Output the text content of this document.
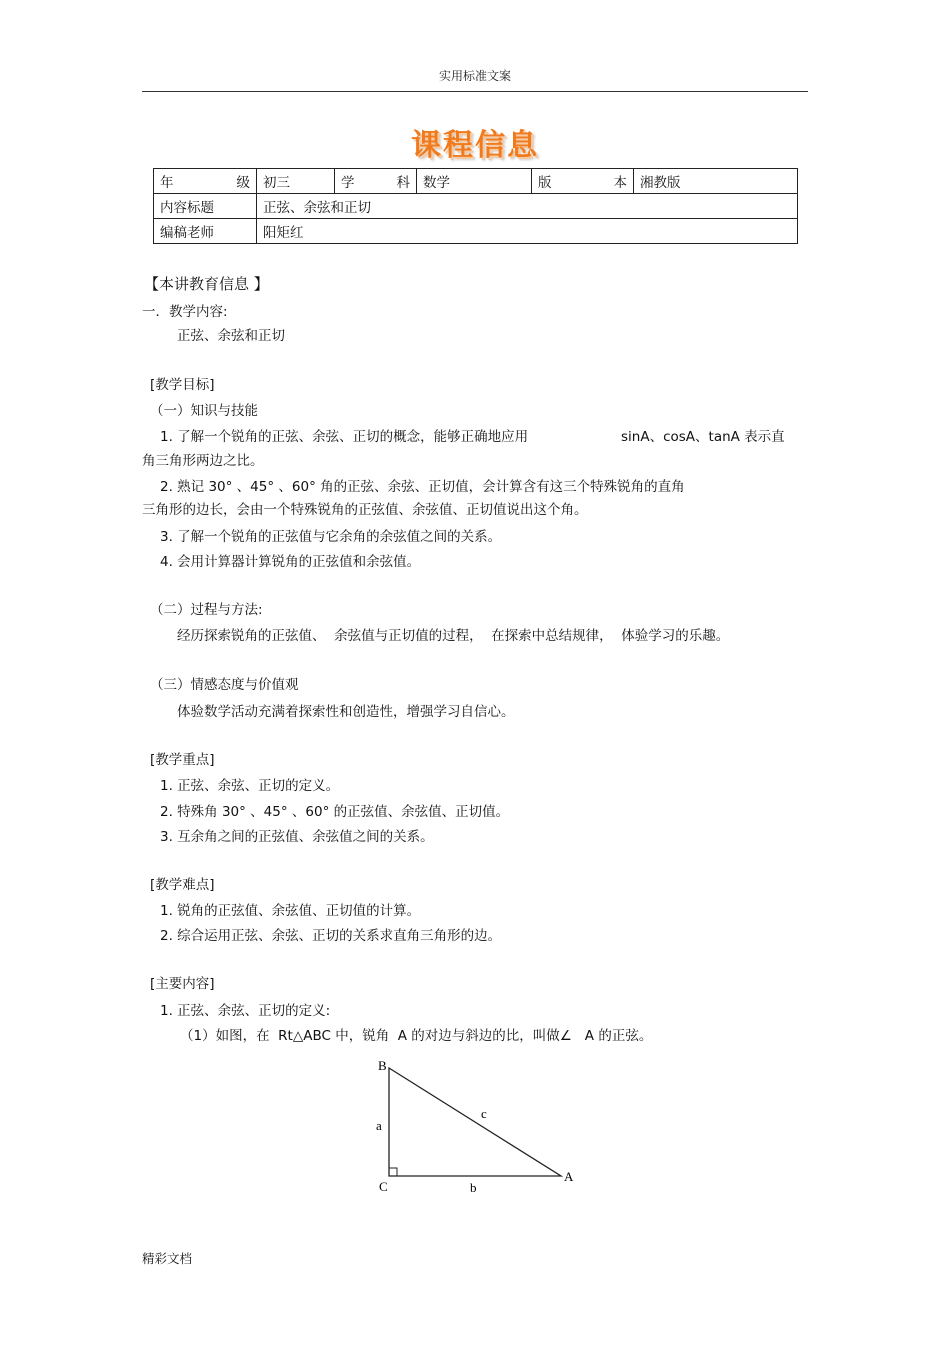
实用标准文案
课程信息
年　　级	初三	学　　科	数学	版　　本	湘教版
内容标题	正弦、余弦和正切				
编稿老师	阳矩红				
【本讲教育信息 】
一．教学内容:
正弦、余弦和正切
[教学目标]
（一）知识与技能
1. 了解一个锐角的正弦、余弦、正切的概念，能够正确地应用	sinA、cosA、tanA 表示直
角三角形两边之比。
2. 熟记 30° 、45° 、60° 角的正弦、余弦、正切值，会计算含有这三个特殊锐角的直角
三角形的边长，会由一个特殊锐角的正弦值、余弦值、正切值说出这个角。
3. 了解一个锐角的正弦值与它余角的余弦值之间的关系。
4. 会用计算器计算锐角的正弦值和余弦值。
（二）过程与方法:
经历探索锐角的正弦值、  余弦值与正切值的过程，  在探索中总结规律，  体验学习的乐趣。
（三）情感态度与价值观
体验数学活动充满着探索性和创造性，增强学习自信心。
[教学重点]
1. 正弦、余弦、正切的定义。
2. 特殊角 30° 、45° 、60° 的正弦值、余弦值、正切值。
3. 互余角之间的正弦值、余弦值之间的关系。
[教学难点]
1. 锐角的正弦值、余弦值、正切值的计算。
2. 综合运用正弦、余弦、正切的关系求直角三角形的边。
[主要内容]
1. 正弦、余弦、正切的定义:
（1）如图，在  Rt△ABC 中，锐角  A 的对边与斜边的比，叫做∠   A 的正弦。
B
C
A
a
b
c
精彩文档
